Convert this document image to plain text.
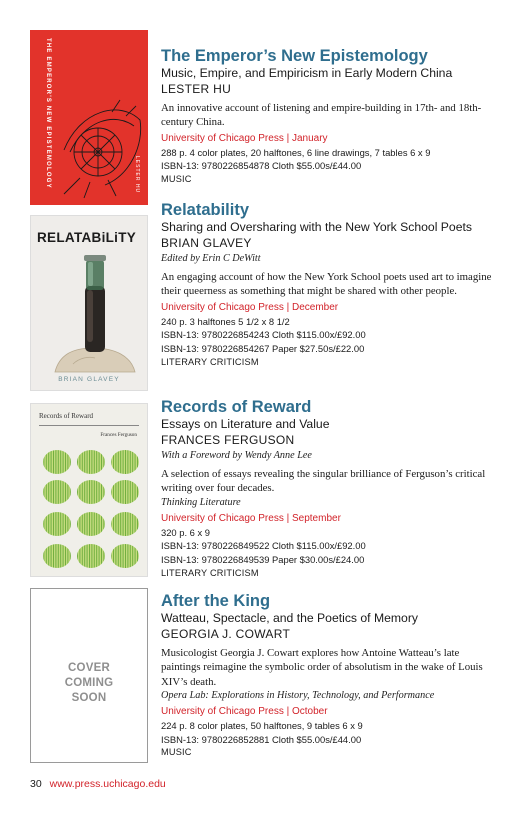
THE EMPEROR'S NEW EPISTEMOLOGY	LESTER HU
The Emperor’s New Epistemology
Music, Empire, and Empiricism in Early Modern China
LESTER HU
An innovative account of listening and empire-building in 17th- and 18th-century China.
University of Chicago Press | January
288 p. 4 color plates, 20 halftones, 6 line drawings, 7 tables 6 x 9
ISBN-13: 9780226854878 Cloth $55.00s/£44.00
MUSIC
RELATABiLiTY
BRIAN GLAVEY
Relatability
Sharing and Oversharing with the New York School Poets
BRIAN GLAVEY
Edited by Erin C DeWitt
An engaging account of how the New York School poets used art to imagine their queerness as something that might be shared with other people.
University of Chicago Press | December
240 p. 3 halftones 5 1/2 x 8 1/2
ISBN-13: 9780226854243 Cloth $115.00x/£92.00
ISBN-13: 9780226854267 Paper $27.50s/£22.00
LITERARY CRITICISM
Records of Reward
Frances Ferguson
Records of Reward
Essays on Literature and Value
FRANCES FERGUSON
With a Foreword by Wendy Anne Lee
A selection of essays revealing the singular brilliance of Ferguson’s critical writing over four decades.
Thinking Literature
University of Chicago Press | September
320 p. 6 x 9
ISBN-13: 9780226849522 Cloth $115.00x/£92.00
ISBN-13: 9780226849539 Paper $30.00s/£24.00
LITERARY CRITICISM
COVER COMING SOON
After the King
Watteau, Spectacle, and the Poetics of Memory
GEORGIA J. COWART
Musicologist Georgia J. Cowart explores how Antoine Watteau’s late paintings reimagine the symbolic order of absolutism in the wake of Louis XIV’s death.
Opera Lab: Explorations in History, Technology, and Performance
University of Chicago Press | October
224 p. 8 color plates, 50 halftones, 9 tables 6 x 9
ISBN-13: 9780226852881 Cloth $55.00s/£44.00
MUSIC
30 www.press.uchicago.edu
